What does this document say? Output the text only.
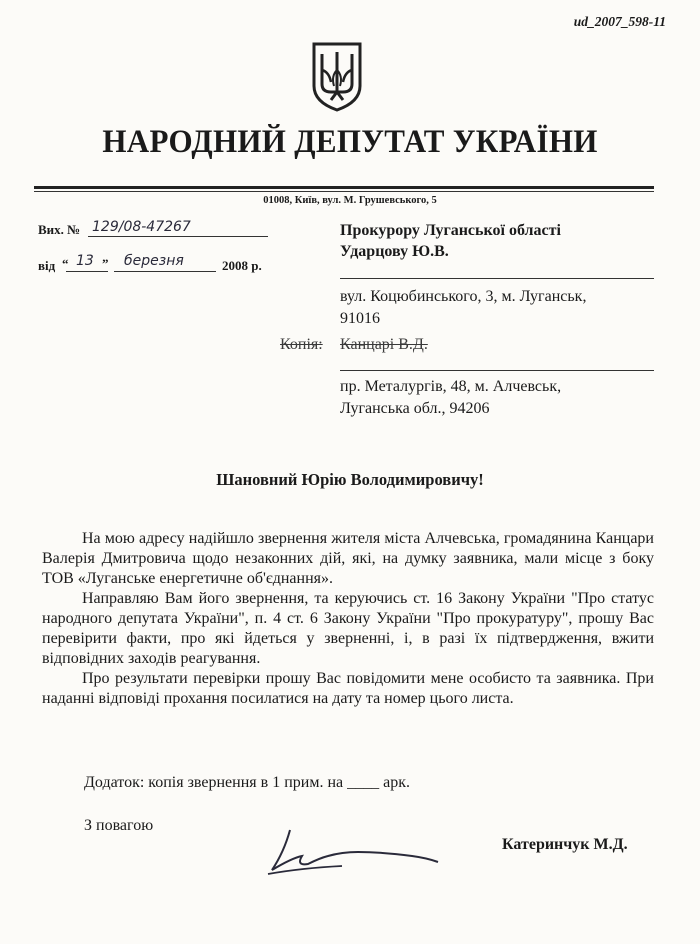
ud_2007_598-11
НАРОДНИЙ ДЕПУТАТ УКРАЇНИ
01008, Київ, вул. М. Грушевського, 5
Вих. № 129/08-47267
від “ 13 ” березня	2008 р.
Прокурору Луганської області
Ударцову Ю.В.
вул. Коцюбинського, 3, м. Луганськ,
91016
Копія: Канцарі В.Д.
пр. Металургів, 48, м. Алчевськ,
Луганська обл., 94206
Шановний Юрію Володимировичу!

На мою адресу надійшло звернення жителя міста Алчевська, громадянина Канцари Валерія Дмитровича щодо незаконних дій, які, на думку заявника, мали місце з боку ТОВ «Луганське енергетичне об'єднання».

Направляю Вам його звернення, та керуючись ст. 16 Закону України "Про статус народного депутата України", п. 4 ст. 6 Закону України "Про прокуратуру", прошу Вас перевірити факти, про які йдеться у зверненні, і, в разі їх підтвердження, вжити відповідних заходів реагування.

Про результати перевірки прошу Вас повідомити мене особисто та заявника. При наданні відповіді прохання посилатися на дату та номер цього листа.

Додаток: копія звернення в 1 прим. на ____ арк.
З повагою
Катеринчук М.Д.
